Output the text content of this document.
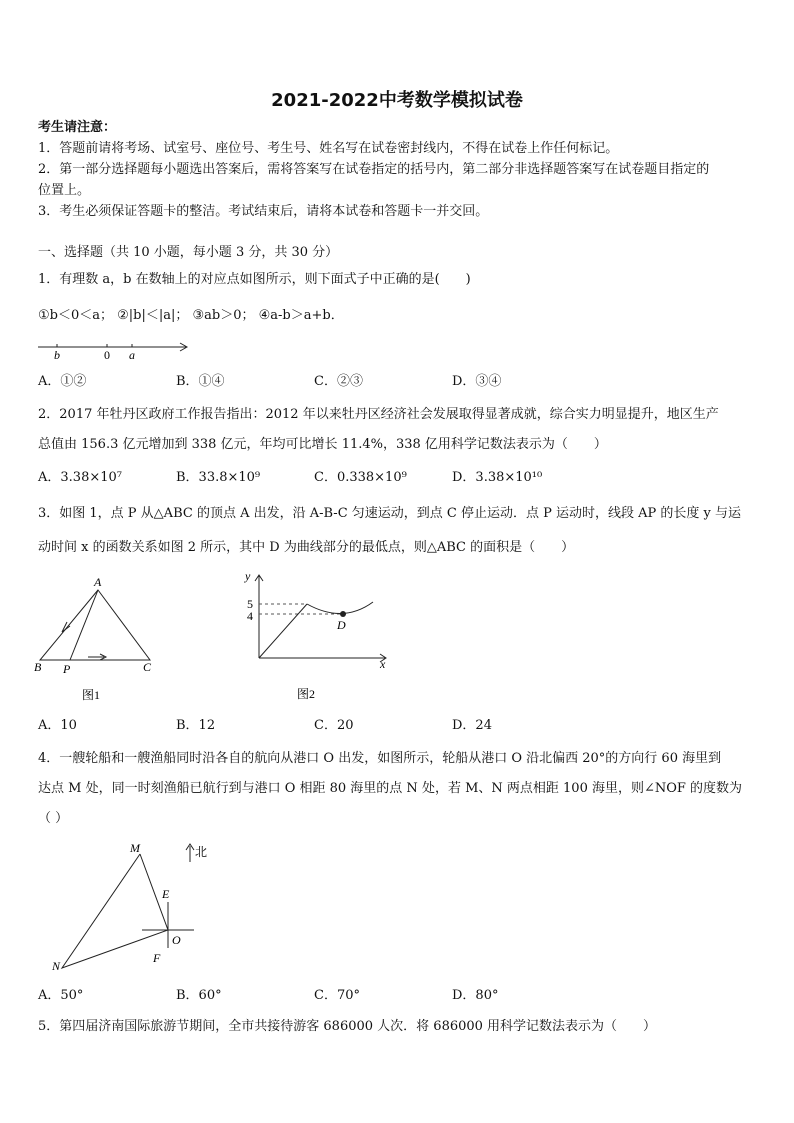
2021-2022中考数学模拟试卷
考生请注意：
1．答题前请将考场、试室号、座位号、考生号、姓名写在试卷密封线内，不得在试卷上作任何标记。
2．第一部分选择题每小题选出答案后，需将答案写在试卷指定的括号内，第二部分非选择题答案写在试卷题目指定的
位置上。
3．考生必须保证答题卡的整洁。考试结束后，请将本试卷和答题卡一并交回。
一、选择题（共 10 小题，每小题 3 分，共 30 分）
1．有理数 a，b 在数轴上的对应点如图所示，则下面式子中正确的是(　　)
①b＜0＜a； ②|b|＜|a|； ③ab＞0； ④a-b＞a+b．
b	0 a
A．①②	B．①④	C．②③	D．③④
2．2017 年牡丹区政府工作报告指出：2012 年以来牡丹区经济社会发展取得显著成就，综合实力明显提升，地区生产
总值由 156.3 亿元增加到 338 亿元，年均可比增长 11.4%，338 亿用科学记数法表示为（　　）
A．3.38×10⁷	B．33.8×10⁹	C．0.338×10⁹	D．3.38×10¹⁰
3．如图 1，点 P 从△ABC 的顶点 A 出发，沿 A-B-C 匀速运动，到点 C 停止运动．点 P 运动时，线段 AP 的长度 y 与运
动时间 x 的函数关系如图 2 所示，其中 D 为曲线部分的最低点，则△ABC 的面积是（　　）
A
B P	C
图1
y
x
5
4
D
图2
A．10	B．12	C．20	D．24
4．一艘轮船和一艘渔船同时沿各自的航向从港口 O 出发，如图所示，轮船从港口 O 沿北偏西 20°的方向行 60 海里到
达点 M 处，同一时刻渔船已航行到与港口 O 相距 80 海里的点 N 处，若 M、N 两点相距 100 海里，则∠NOF 的度数为
（ ）
M
N
E
O
F
北
A．50°	B．60°	C．70°	D．80°
5．第四届济南国际旅游节期间，全市共接待游客 686000 人次．将 686000 用科学记数法表示为（　　）
